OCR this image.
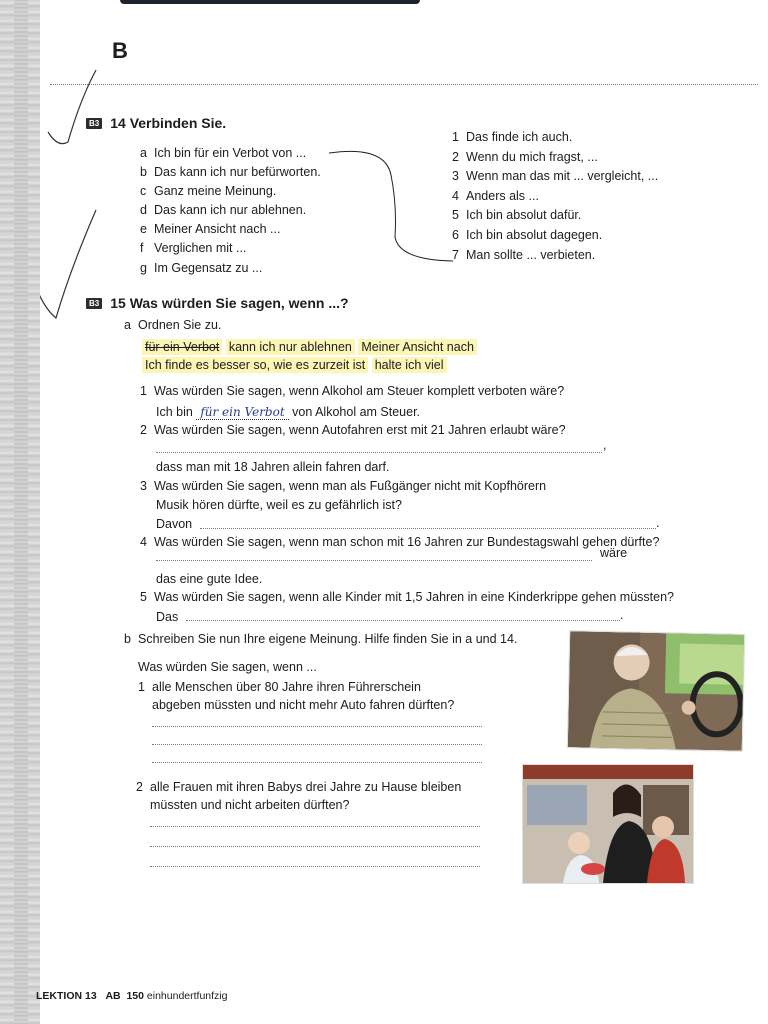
B
B3 14 Verbinden Sie.
a Ich bin für ein Verbot von ...
b Das kann ich nur befürworten.
c Ganz meine Meinung.
d Das kann ich nur ablehnen.
e Meiner Ansicht nach ...
f Verglichen mit ...
g Im Gegensatz zu ...
1 Das finde ich auch.
2 Wenn du mich fragst, ...
3 Wenn man das mit ... vergleicht, ...
4 Anders als ...
5 Ich bin absolut dafür.
6 Ich bin absolut dagegen.
7 Man sollte ... verbieten.
B3 15 Was würden Sie sagen, wenn ...?
a Ordnen Sie zu.
für ein Verbot kann ich nur ablehnen Meiner Ansicht nach
Ich finde es besser so, wie es zurzeit ist halte ich viel
1 Was würden Sie sagen, wenn Alkohol am Steuer komplett verboten wäre?
Ich bin für ein Verbot von Alkohol am Steuer.
2 Was würden Sie sagen, wenn Autofahren erst mit 21 Jahren erlaubt wäre?
,
dass man mit 18 Jahren allein fahren darf.
3 Was würden Sie sagen, wenn man als Fußgänger nicht mit Kopfhörern
Musik hören dürfte, weil es zu gefährlich ist?
Davon	.
4 Was würden Sie sagen, wenn man schon mit 16 Jahren zur Bundestagswahl gehen dürfte?
wäre
das eine gute Idee.
5 Was würden Sie sagen, wenn alle Kinder mit 1,5 Jahren in eine Kinderkrippe gehen müssten?
Das	.
b Schreiben Sie nun Ihre eigene Meinung. Hilfe finden Sie in a und 14.
Was würden Sie sagen, wenn ...
1 alle Menschen über 80 Jahre ihren Führerschein
abgeben müssten und nicht mehr Auto fahren dürften?
2 alle Frauen mit ihren Babys drei Jahre zu Hause bleiben
müssten und nicht arbeiten dürften?
LEKTION 13 AB 150 einhundertfunfzig
